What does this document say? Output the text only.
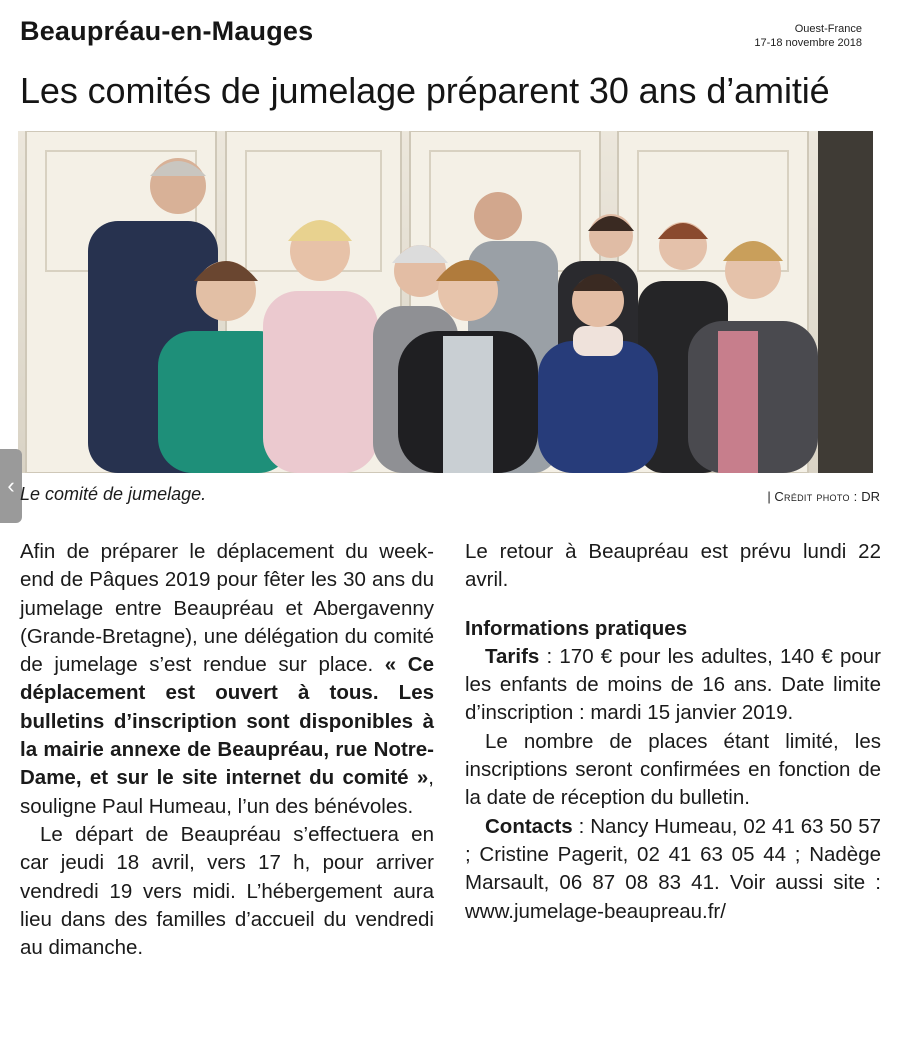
Beaupréau-en-Mauges	Ouest-France
17-18 novembre 2018
Les comités de jumelage préparent 30 ans d’amitié
‹ Le comité de jumelage.	| Crédit photo : DR

Afin de préparer le déplacement du week-end de Pâques 2019 pour fêter les 30 ans du jumelage entre Beaupréau et Abergavenny (Grande-Bretagne), une délégation du comité de jumelage s’est rendue sur place. « Ce déplacement est ouvert à tous. Les bulletins d’inscription sont disponibles à la mairie annexe de Beaupréau, rue Notre-Dame, et sur le site internet du comité », souligne Paul Humeau, l’un des bénévoles.

Le départ de Beaupréau s’effectuera en car jeudi 18 avril, vers 17 h, pour arriver vendredi 19 vers midi. L’hébergement aura lieu dans des familles d’accueil du vendredi au dimanche.

Le retour à Beaupréau est prévu lundi 22 avril.

Informations pratiques

Tarifs : 170 € pour les adultes, 140 € pour les enfants de moins de 16 ans. Date limite d’inscription : mardi 15 janvier 2019.

Le nombre de places étant limité, les inscriptions seront confirmées en fonction de la date de réception du bulletin.

Contacts : Nancy Humeau, 02 41 63 50 57 ; Cristine Pagerit, 02 41 63 05 44 ; Nadège Marsault, 06 87 08 83 41. Voir aussi site : www.jumelage-beaupreau.fr/
